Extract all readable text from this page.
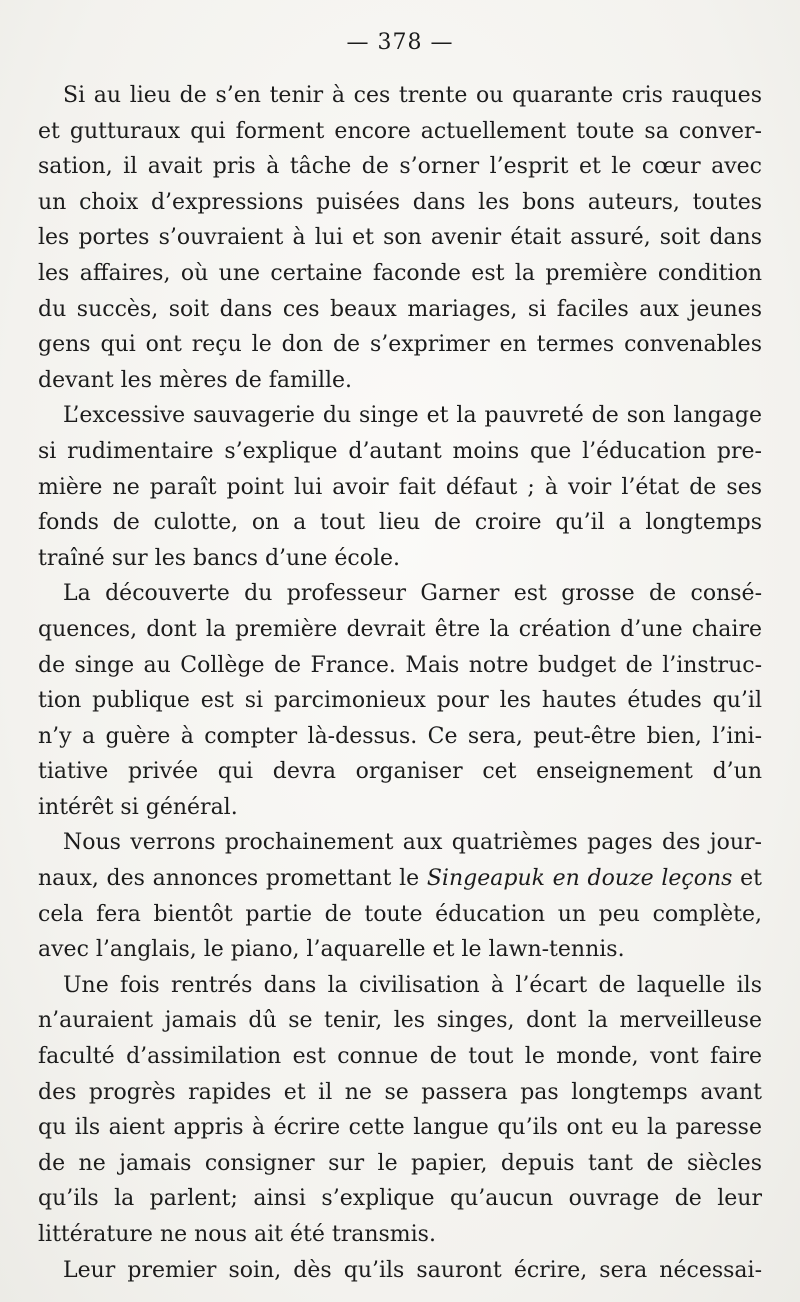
— 378 —
Si au lieu de s’en tenir à ces trente ou quarante cris rauques
et gutturaux qui forment encore actuellement toute sa conver-
sation, il avait pris à tâche de s’orner l’esprit et le cœur avec
un choix d’expressions puisées dans les bons auteurs, toutes
les portes s’ouvraient à lui et son avenir était assuré, soit dans
les affaires, où une certaine faconde est la première condition
du succès, soit dans ces beaux mariages, si faciles aux jeunes
gens qui ont reçu le don de s’exprimer en termes convenables
devant les mères de famille.
L’excessive sauvagerie du singe et la pauvreté de son langage
si rudimentaire s’explique d’autant moins que l’éducation pre-
mière ne paraît point lui avoir fait défaut ; à voir l’état de ses
fonds de culotte, on a tout lieu de croire qu’il a longtemps
traîné sur les bancs d’une école.
La découverte du professeur Garner est grosse de consé-
quences, dont la première devrait être la création d’une chaire
de singe au Collège de France. Mais notre budget de l’instruc-
tion publique est si parcimonieux pour les hautes études qu’il
n’y a guère à compter là-dessus. Ce sera, peut-être bien, l’ini-
tiative privée qui devra organiser cet enseignement d’un
intérêt si général.
Nous verrons prochainement aux quatrièmes pages des jour-
naux, des annonces promettant le Singeapuk en douze leçons et
cela fera bientôt partie de toute éducation un peu complète,
avec l’anglais, le piano, l’aquarelle et le lawn-tennis.
Une fois rentrés dans la civilisation à l’écart de laquelle ils
n’auraient jamais dû se tenir, les singes, dont la merveilleuse
faculté d’assimilation est connue de tout le monde, vont faire
des progrès rapides et il ne se passera pas longtemps avant
qu ils aient appris à écrire cette langue qu’ils ont eu la paresse
de ne jamais consigner sur le papier, depuis tant de siècles
qu’ils la parlent; ainsi s’explique qu’aucun ouvrage de leur
littérature ne nous ait été transmis.
Leur premier soin, dès qu’ils sauront écrire, sera nécessai-
